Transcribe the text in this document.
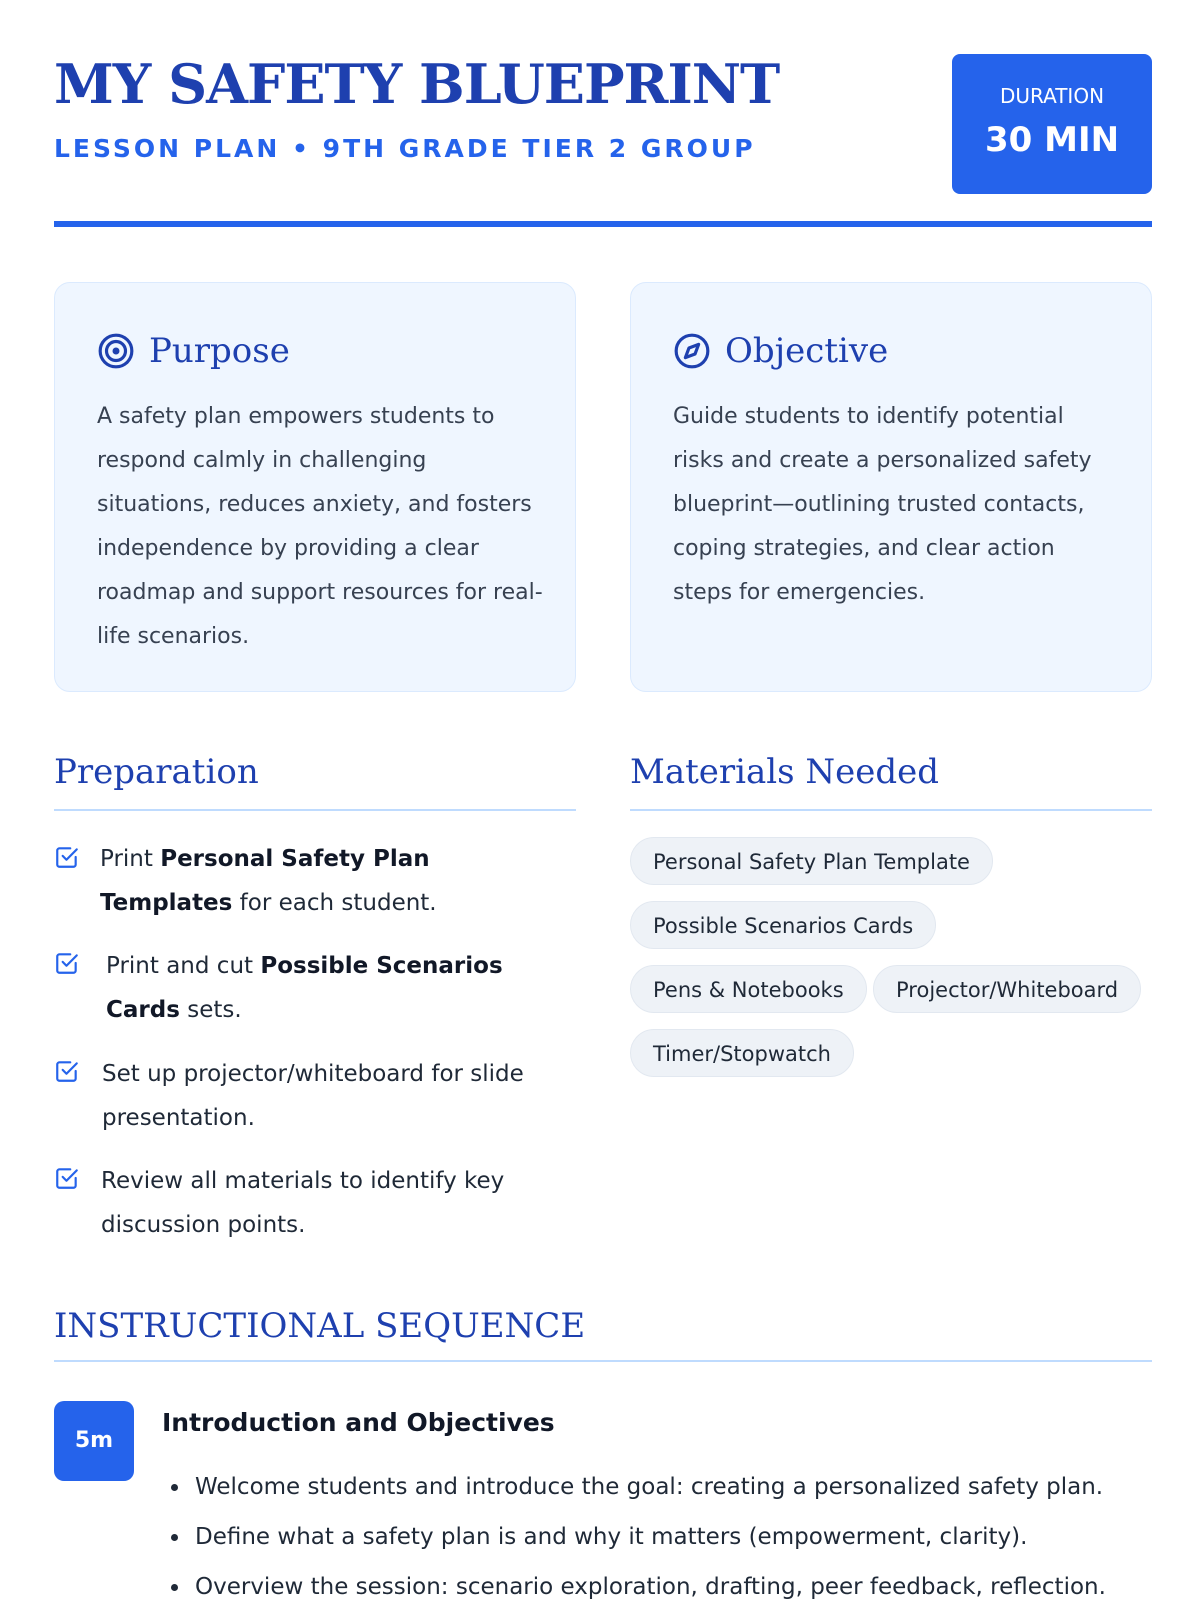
MY SAFETY BLUEPRINT
LESSON PLAN • 9TH GRADE TIER 2 GROUP
DURATION
30 MIN
Purpose

A safety plan empowers students to respond calmly in challenging situations, reduces anxiety, and fosters independence by providing a clear roadmap and support resources for real-life scenarios.

Objective

Guide students to identify potential risks and create a personalized safety blueprint—outlining trusted contacts, coping strategies, and clear action steps for emergencies.

Preparation
Print Personal Safety Plan Templates for each student.
Print and cut Possible Scenarios Cards sets.
Set up projector/whiteboard for slide presentation.
Review all materials to identify key discussion points.
Materials Needed
Personal Safety Plan Template
Possible Scenarios Cards
Pens & Notebooks	Projector/Whiteboard
Timer/Stopwatch
INSTRUCTIONAL SEQUENCE
5m
Introduction and Objectives
Welcome students and introduce the goal: creating a personalized safety plan.
Define what a safety plan is and why it matters (empowerment, clarity).
Overview the session: scenario exploration, drafting, peer feedback, reflection.
